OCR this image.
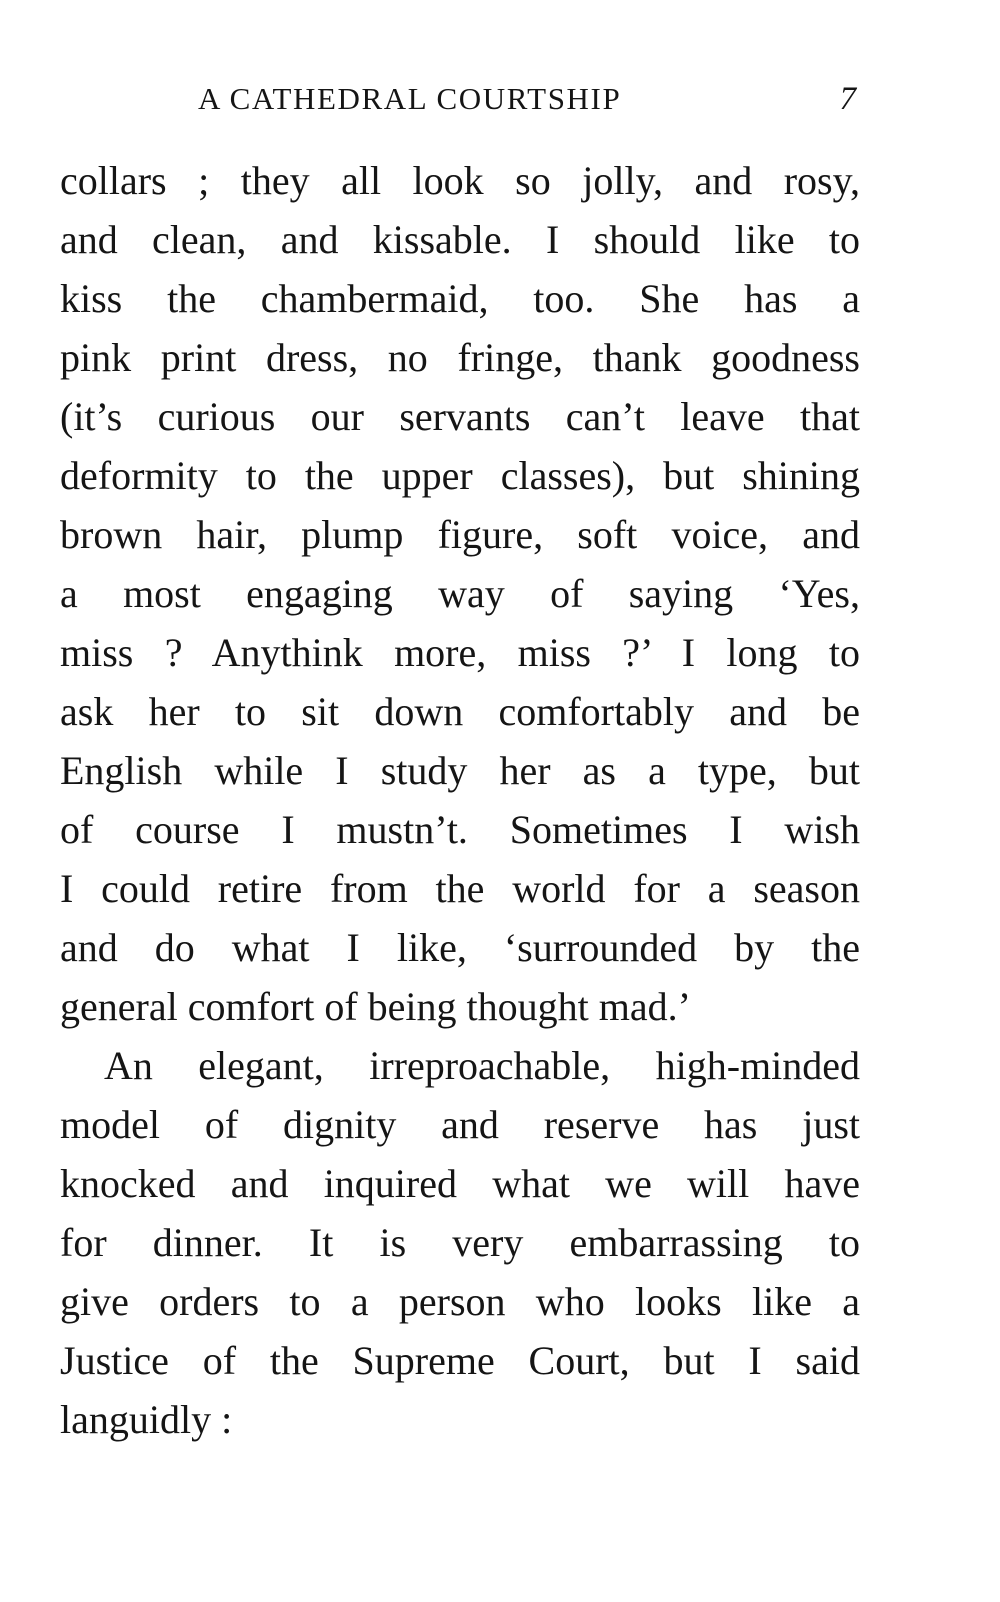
A CATHEDRAL COURTSHIP	7
collars ; they all look so jolly, and rosy,
and clean, and kissable. I should like to
kiss the chambermaid, too. She has a
pink print dress, no fringe, thank goodness
(it’s curious our servants can’t leave that
deformity to the upper classes), but shining
brown hair, plump figure, soft voice, and
a most engaging way of saying ‘Yes,
miss ? Anythink more, miss ?’ I long to
ask her to sit down comfortably and be
English while I study her as a type, but
of course I mustn’t. Sometimes I wish
I could retire from the world for a season
and do what I like, ‘surrounded by the
general comfort of being thought mad.’
An elegant, irreproachable, high-minded
model of dignity and reserve has just
knocked and inquired what we will have
for dinner. It is very embarrassing to
give orders to a person who looks like a
Justice of the Supreme Court, but I said
languidly :
